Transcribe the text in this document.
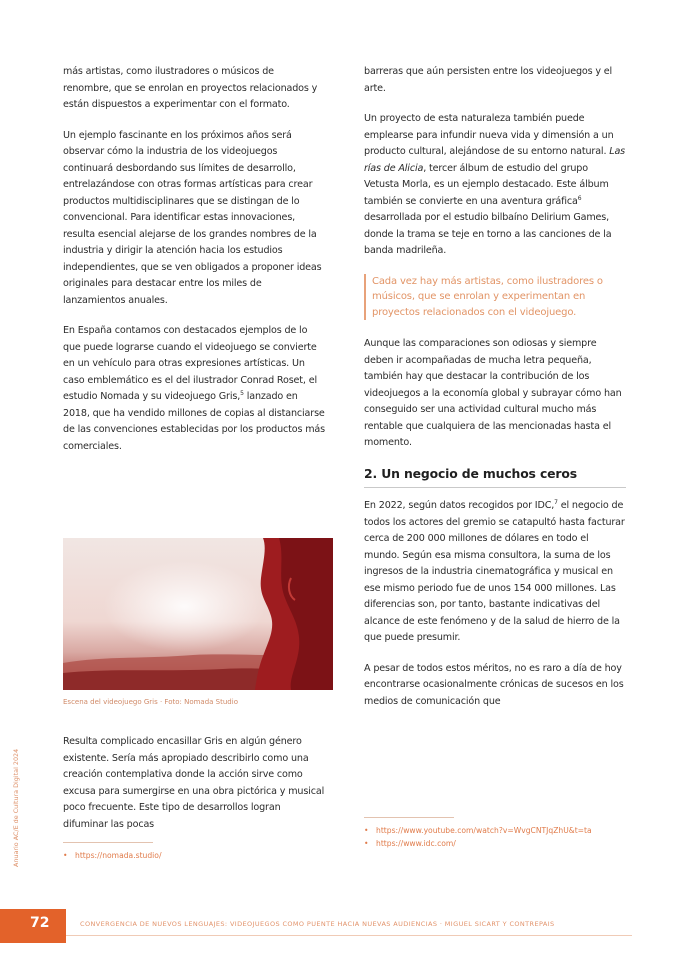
más artistas, como ilustradores o músicos de renombre, que se enrolan en proyectos relacionados y están dispuestos a experimentar con el formato.

Un ejemplo fascinante en los próximos años será observar cómo la industria de los videojuegos continuará desbordando sus límites de desarrollo, entrelazándose con otras formas artísticas para crear productos multidisciplinares que se distingan de lo convencional. Para identificar estas innovaciones, resulta esencial alejarse de los grandes nombres de la industria y dirigir la atención hacia los estudios independientes, que se ven obligados a proponer ideas originales para destacar entre los miles de lanzamientos anuales.

En España contamos con destacados ejemplos de lo que puede lograrse cuando el videojuego se convierte en un vehículo para otras expresiones artísticas. Un caso emblemático es el del ilustrador Conrad Roset, el estudio Nomada y su videojuego Gris,$^5$ lanzado en 2018, que ha vendido millones de copias al distanciarse de las convenciones establecidas por los productos más comerciales.

Escena del videojuego Gris · Foto: Nomada Studio

Resulta complicado encasillar Gris en algún género existente. Sería más apropiado describirlo como una creación contemplativa donde la acción sirve como excusa para sumergirse en una obra pictórica y musical poco frecuente. Este tipo de desarrollos logran difuminar las pocas

• https://nomada.studio/

barreras que aún persisten entre los videojuegos y el arte.

Un proyecto de esta naturaleza también puede emplearse para infundir nueva vida y dimensión a un producto cultural, alejándose de su entorno natural. Las rías de Alicia, tercer álbum de estudio del grupo Vetusta Morla, es un ejemplo destacado. Este álbum también se convierte en una aventura gráfica$^6$ desarrollada por el estudio bilbaíno Delirium Games, donde la trama se teje en torno a las canciones de la banda madrileña.

Cada vez hay más artistas, como ilustradores o músicos, que se enrolan y experimentan en proyectos relacionados con el videojuego.

Aunque las comparaciones son odiosas y siempre deben ir acompañadas de mucha letra pequeña, también hay que destacar la contribución de los videojuegos a la economía global y subrayar cómo han conseguido ser una actividad cultural mucho más rentable que cualquiera de las mencionadas hasta el momento.

2. Un negocio de muchos ceros

En 2022, según datos recogidos por IDC,$^7$ el negocio de todos los actores del gremio se catapultó hasta facturar cerca de 200 000 millones de dólares en todo el mundo. Según esa misma consultora, la suma de los ingresos de la industria cinematográfica y musical en ese mismo periodo fue de unos 154 000 millones. Las diferencias son, por tanto, bastante indicativas del alcance de este fenómeno y de la salud de hierro de la que puede presumir.

A pesar de todos estos méritos, no es raro a día de hoy encontrarse ocasionalmente crónicas de sucesos en los medios de comunicación que

• https://www.youtube.com/watch?v=WvgCNTJqZhU&t=ta
• https://www.idc.com/
Anuario AC/E de Cultura Digital 2024
72	CONVERGENCIA DE NUEVOS LENGUAJES: VIDEOJUEGOS COMO PUENTE HACIA NUEVAS AUDIENCIAS · MIGUEL SICART Y CONTREPAIS
